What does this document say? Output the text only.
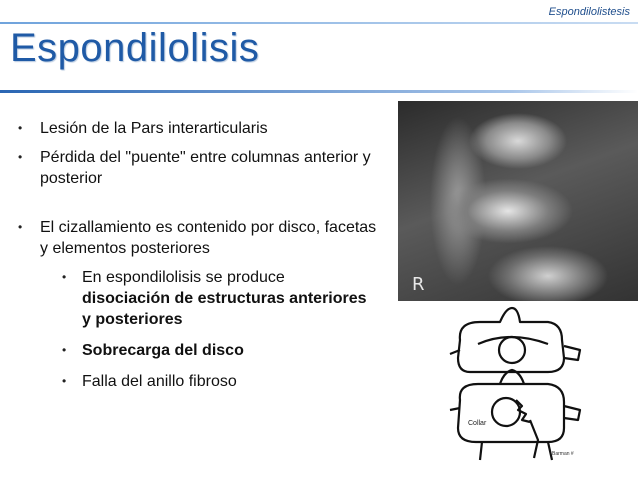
Espondilolistesis
Espondilolisis
• Lesión de la Pars interarticularis
• Pérdida del "puente" entre columnas anterior y posterior
• El cizallamiento es contenido por disco, facetas y elementos posteriores
• En espondilolisis se produce disociación de estructuras anteriores y posteriores
• Sobrecarga del disco
• Falla del anillo fibroso
R
Collar
Barman #
